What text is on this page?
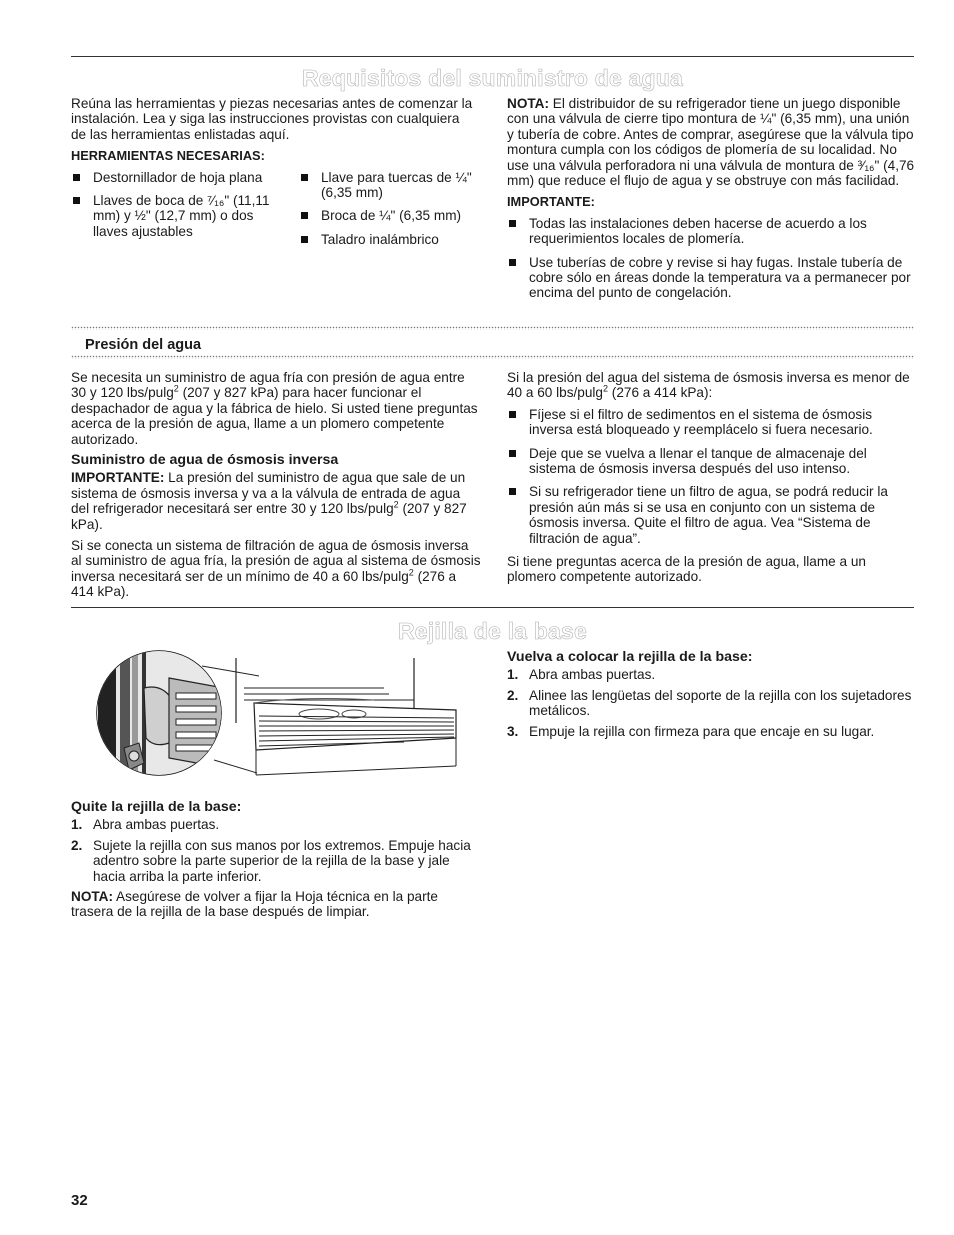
Requisitos del suministro de agua

Reúna las herramientas y piezas necesarias antes de comenzar la instalación. Lea y siga las instrucciones provistas con cualquiera de las herramientas enlistadas aquí.

HERRAMIENTAS NECESARIAS:
Destornillador de hoja plana
Llaves de boca de ⁷⁄₁₆" (11,11 mm) y ½" (12,7 mm) o dos llaves ajustables
Llave para tuercas de ¼" (6,35 mm)
Broca de ¼" (6,35 mm)
Taladro inalámbrico

NOTA: El distribuidor de su refrigerador tiene un juego disponible con una válvula de cierre tipo montura de ¼" (6,35 mm), una unión y tubería de cobre. Antes de comprar, asegúrese que la válvula tipo montura cumpla con los códigos de plomería de su localidad. No use una válvula perforadora ni una válvula de montura de ³⁄₁₆" (4,76 mm) que reduce el flujo de agua y se obstruye con más facilidad.

IMPORTANTE:
Todas las instalaciones deben hacerse de acuerdo a los requerimientos locales de plomería.
Use tuberías de cobre y revise si hay fugas. Instale tubería de cobre sólo en áreas donde la temperatura va a permanecer por encima del punto de congelación.
Presión del agua

Se necesita un suministro de agua fría con presión de agua entre 30 y 120 lbs/pulg$^2$ (207 y 827 kPa) para hacer funcionar el despachador de agua y la fábrica de hielo. Si usted tiene preguntas acerca de la presión de agua, llame a un plomero competente autorizado.

Suministro de agua de ósmosis inversa

IMPORTANTE: La presión del suministro de agua que sale de un sistema de ósmosis inversa y va a la válvula de entrada de agua del refrigerador necesitará ser entre 30 y 120 lbs/pulg$^2$ (207 y 827 kPa).

Si se conecta un sistema de filtración de agua de ósmosis inversa al suministro de agua fría, la presión de agua al sistema de ósmosis inversa necesitará ser de un mínimo de 40 a 60 lbs/pulg$^2$ (276 a 414 kPa).

Si la presión del agua del sistema de ósmosis inversa es menor de 40 a 60 lbs/pulg$^2$ (276 a 414 kPa):

Fíjese si el filtro de sedimentos en el sistema de ósmosis inversa está bloqueado y reemplácelo si fuera necesario.
Deje que se vuelva a llenar el tanque de almacenaje del sistema de ósmosis inversa después del uso intenso.
Si su refrigerador tiene un filtro de agua, se podrá reducir la presión aún más si se usa en conjunto con un sistema de ósmosis inversa. Quite el filtro de agua. Vea “Sistema de filtración de agua”.

Si tiene preguntas acerca de la presión de agua, llame a un plomero competente autorizado.

Rejilla de la base
Quite la rejilla de la base:
1. Abra ambas puertas.
2. Sujete la rejilla con sus manos por los extremos. Empuje hacia adentro sobre la parte superior de la rejilla de la base y jale hacia arriba la parte inferior.

NOTA: Asegúrese de volver a fijar la Hoja técnica en la parte trasera de la rejilla de la base después de limpiar.

Vuelva a colocar la rejilla de la base:
1. Abra ambas puertas.
2. Alinee las lengüetas del soporte de la rejilla con los sujetadores metálicos.
3. Empuje la rejilla con firmeza para que encaje en su lugar.
32
